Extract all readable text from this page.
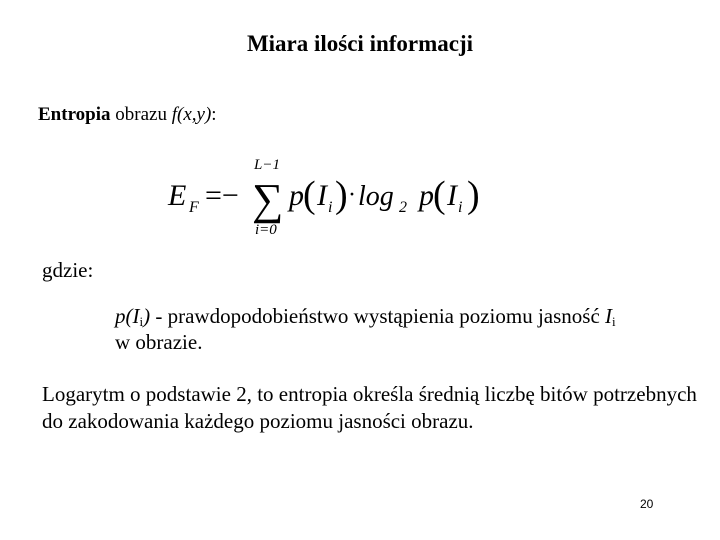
Miara ilości informacji
Entropia obrazu f(x,y):
E F =−
L−1
i=0
∑ p ( I i ) · log 2 p ( I i )
gdzie:
$p(I_i)$ - prawdopodobieństwo wystąpienia poziomu jasność $I_i$
w obrazie.
Logarytm o podstawie 2, to entropia określa średnią liczbę bitów potrzebnych do zakodowania każdego poziomu jasności obrazu.
20
